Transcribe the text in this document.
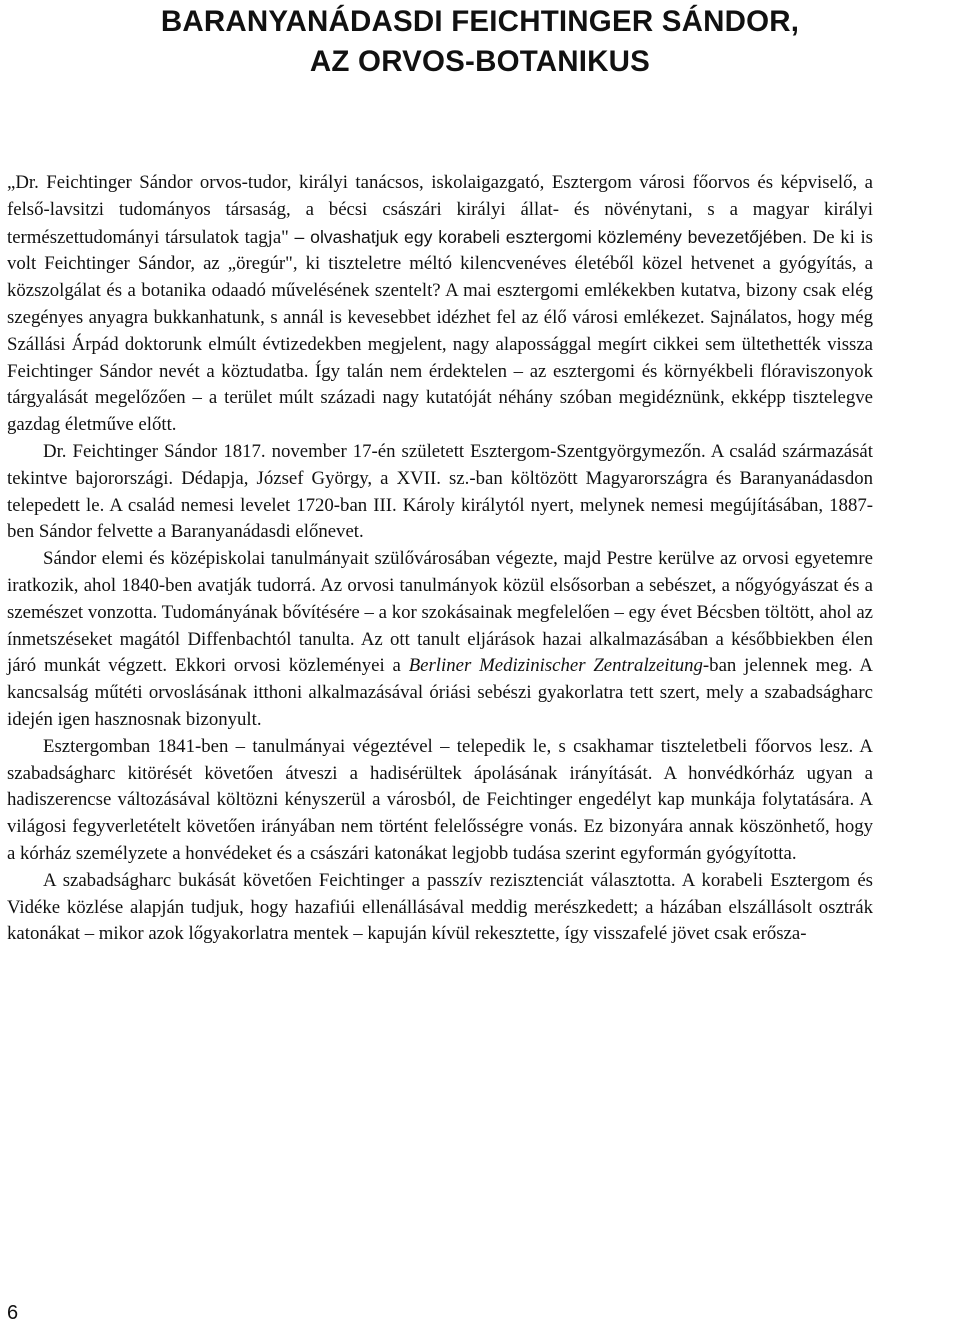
BARANYANÁDASDI FEICHTINGER SÁNDOR,
AZ ORVOS-BOTANIKUS

„Dr. Feichtinger Sándor orvos-tudor, királyi tanácsos, iskolaigazgató, Esztergom városi főorvos és képviselő, a felső-lavsitzi tudományos társaság, a bécsi császári királyi állat- és növénytani, s a magyar királyi természettudományi társulatok tagja" – olvashatjuk egy korabeli esztergomi közlemény bevezetőjében. De ki is volt Feichtinger Sándor, az „öregúr", ki tiszteletre méltó kilencvenéves életéből közel hetvenet a gyógyítás, a közszolgálat és a botanika odaadó művelésének szentelt? A mai esztergomi emlékekben kutatva, bizony csak elég szegényes anyagra bukkanhatunk, s annál is kevesebbet idézhet fel az élő városi emlékezet. Sajnálatos, hogy még Szállási Árpád doktorunk elmúlt évtizedekben megjelent, nagy alapossággal megírt cikkei sem ültethették vissza Feichtinger Sándor nevét a köztudatba. Így talán nem érdektelen – az esztergomi és környékbeli flóraviszonyok tárgyalását megelőzően – a terület múlt századi nagy kutatóját néhány szóban megidéznünk, ekképp tisztelegve gazdag életműve előtt.

Dr. Feichtinger Sándor 1817. november 17-én született Esztergom-Szentgyörgymezőn. A család származását tekintve bajorországi. Dédapja, József György, a XVII. sz.-ban költözött Magyarországra és Baranyanádasdon telepedett le. A család nemesi levelet 1720-ban III. Károly királytól nyert, melynek nemesi megújításában, 1887-ben Sándor felvette a Baranyanádasdi előnevet.

Sándor elemi és középiskolai tanulmányait szülővárosában végezte, majd Pestre kerülve az orvosi egyetemre iratkozik, ahol 1840-ben avatják tudorrá. Az orvosi tanulmányok közül elsősorban a sebészet, a nőgyógyászat és a szemészet vonzotta. Tudományának bővítésére – a kor szokásainak megfelelően – egy évet Bécsben töltött, ahol az ínmetszéseket magától Diffenbachtól tanulta. Az ott tanult eljárások hazai alkalmazásában a későbbiekben élen járó munkát végzett. Ekkori orvosi közleményei a Berliner Medizinischer Zentralzeitung-ban jelennek meg. A kancsalság műtéti orvoslásának itthoni alkalmazásával óriási sebészi gyakorlatra tett szert, mely a szabadságharc idején igen hasznosnak bizonyult.

Esztergomban 1841-ben – tanulmányai végeztével – telepedik le, s csakhamar tiszteletbeli főorvos lesz. A szabadságharc kitörését követően átveszi a hadisérültek ápolásának irányítását. A honvédkórház ugyan a hadiszerencse változásával költözni kényszerül a városból, de Feichtinger engedélyt kap munkája folytatására. A világosi fegyverletételt követően irányában nem történt felelősségre vonás. Ez bizonyára annak köszönhető, hogy a kórház személyzete a honvédeket és a császári katonákat legjobb tudása szerint egyformán gyógyította.

A szabadságharc bukását követően Feichtinger a passzív rezisztenciát választotta. A korabeli Esztergom és Vidéke közlése alapján tudjuk, hogy hazafiúi ellenállásával meddig merészkedett; a házában elszállásolt osztrák katonákat – mikor azok lőgyakorlatra mentek – kapuján kívül rekesztette, így visszafelé jövet csak erősza-

6
